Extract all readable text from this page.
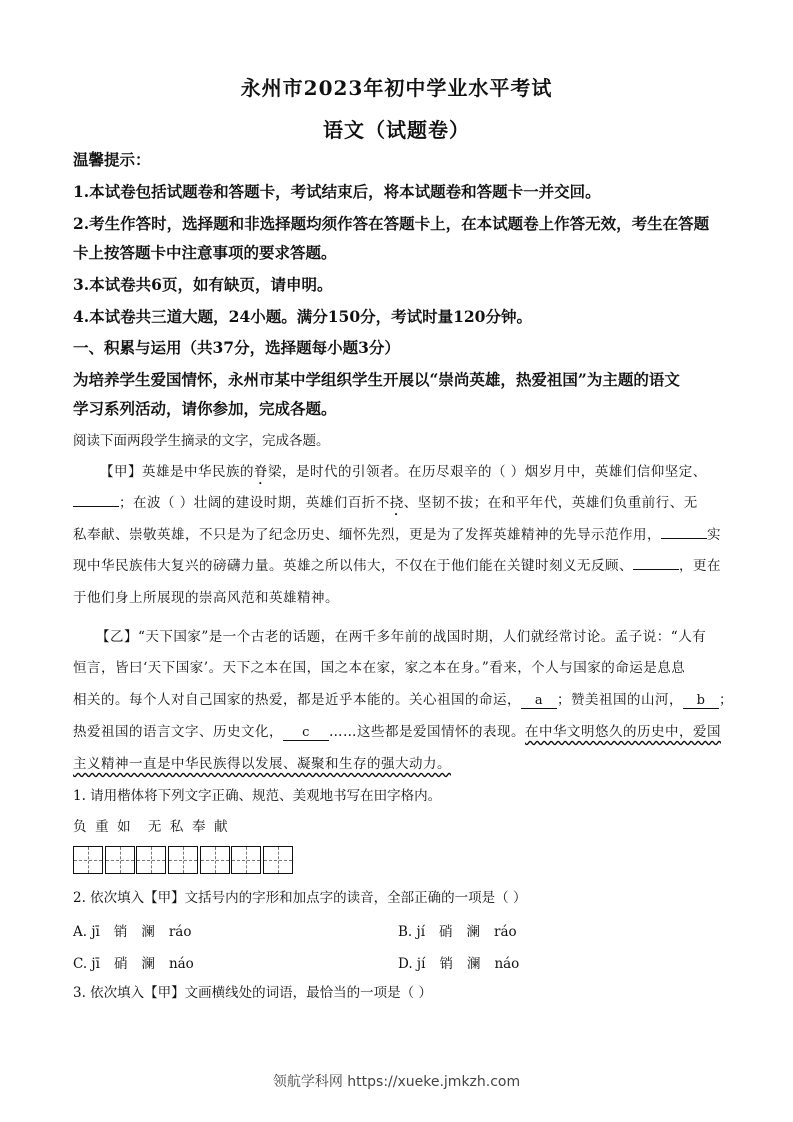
永州市2023年初中学业水平考试
语文（试题卷）
温馨提示：
1.本试卷包括试题卷和答题卡，考试结束后，将本试题卷和答题卡一并交回。
2.考生作答时，选择题和非选择题均须作答在答题卡上，在本试题卷上作答无效，考生在答题
卡上按答题卡中注意事项的要求答题。
3.本试卷共6页，如有缺页，请申明。
4.本试卷共三道大题，24小题。满分150分，考试时量120分钟。
一、积累与运用（共37分，选择题每小题3分）
为培养学生爱国情怀，永州市某中学组织学生开展以“崇尚英雄，热爱祖国”为主题的语文
学习系列活动，请你参加，完成各题。
阅读下面两段学生摘录的文字，完成各题。
【甲】英雄是中华民族的脊梁，是时代的引领者。在历尽艰辛的（ ）烟岁月中，英雄们信仰坚定、
；在波（ ）壮阔的建设时期，英雄们百折不挠、坚韧不拔；在和平年代，英雄们负重前行、无
私奉献、崇敬英雄，不只是为了纪念历史、缅怀先烈，更是为了发挥英雄精神的先导示范作用，	实
现中华民族伟大复兴的磅礴力量。英雄之所以伟大，不仅在于他们能在关键时刻义无反顾、	，更在
于他们身上所展现的崇高风范和英雄精神。
【乙】“天下国家”是一个古老的话题，在两千多年前的战国时期，人们就经常讨论。孟子说：“人有
恒言，皆曰‘天下国家’。天下之本在国，国之本在家，家之本在身。”看来，个人与国家的命运是息息
相关的。每个人对自己国家的热爱，都是近乎本能的。关心祖国的命运， a ；赞美祖国的山河， b ；
热爱祖国的语言文字、历史文化， c ……这些都是爱国情怀的表现。在中华文明悠久的历史中，爱国
主义精神一直是中华民族得以发展、凝聚和生存的强大动力。
1. 请用楷体将下列文字正确、规范、美观地书写在田字格内。
负  重  如    无  私  奉  献
2. 依次填入【甲】文括号内的字形和加点字的读音，全部正确的一项是（ ）
A. jī 销 澜 ráo	B. jí 硝 澜 ráo
C. jī 硝 澜 náo	D. jí 销 澜 náo
3. 依次填入【甲】文画横线处的词语，最恰当的一项是（ ）
领航学科网 https://xueke.jmkzh.com
